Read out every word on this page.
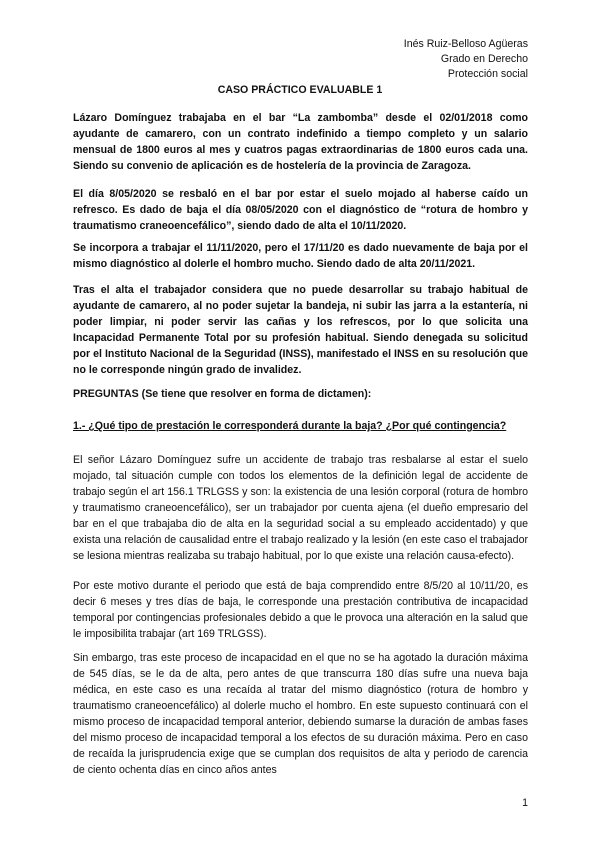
Inés Ruiz-Belloso Agüeras
Grado en Derecho
Protección social
CASO PRÁCTICO EVALUABLE 1

Lázaro Domínguez trabajaba en el bar “La zambomba” desde el 02/01/2018 como ayudante de camarero, con un contrato indefinido a tiempo completo y un salario mensual de 1800 euros al mes y cuatros pagas extraordinarias de 1800 euros cada una. Siendo su convenio de aplicación es de hostelería de la provincia de Zaragoza.

El día 8/05/2020 se resbaló en el bar por estar el suelo mojado al haberse caído un refresco. Es dado de baja el día 08/05/2020 con el diagnóstico de “rotura de hombro y traumatismo craneoencefálico”, siendo dado de alta el 10/11/2020.

Se incorpora a trabajar el 11/11/2020, pero el 17/11/20 es dado nuevamente de baja por el mismo diagnóstico al dolerle el hombro mucho. Siendo dado de alta 20/11/2021.

Tras el alta el trabajador considera que no puede desarrollar su trabajo habitual de ayudante de camarero, al no poder sujetar la bandeja, ni subir las jarra a la estantería, ni poder limpiar, ni poder servir las cañas y los refrescos, por lo que solicita una Incapacidad Permanente Total por su profesión habitual. Siendo denegada su solicitud por el Instituto Nacional de la Seguridad (INSS), manifestado el INSS en su resolución que no le corresponde ningún grado de invalidez.

PREGUNTAS (Se tiene que resolver en forma de dictamen):

1.- ¿Qué tipo de prestación le corresponderá durante la baja? ¿Por qué contingencia?

El señor Lázaro Domínguez sufre un accidente de trabajo tras resbalarse al estar el suelo mojado, tal situación cumple con todos los elementos de la definición legal de accidente de trabajo según el art 156.1 TRLGSS y son: la existencia de una lesión corporal (rotura de hombro y traumatismo craneoencefálico), ser un trabajador por cuenta ajena (el dueño empresario del bar en el que trabajaba dio de alta en la seguridad social a su empleado accidentado) y que exista una relación de causalidad entre el trabajo realizado y la lesión (en este caso el trabajador se lesiona mientras realizaba su trabajo habitual, por lo que existe una relación causa-efecto).

Por este motivo durante el periodo que está de baja comprendido entre 8/5/20 al 10/11/20, es decir 6 meses y tres días de baja, le corresponde una prestación contributiva de incapacidad temporal por contingencias profesionales debido a que le provoca una alteración en la salud que le imposibilita trabajar (art 169 TRLGSS).

Sin embargo, tras este proceso de incapacidad en el que no se ha agotado la duración máxima de 545 días, se le da de alta, pero antes de que transcurra 180 días sufre una nueva baja médica, en este caso es una recaída al tratar del mismo diagnóstico (rotura de hombro y traumatismo craneoencefálico) al dolerle mucho el hombro. En este supuesto continuará con el mismo proceso de incapacidad temporal anterior, debiendo sumarse la duración de ambas fases del mismo proceso de incapacidad temporal a los efectos de su duración máxima. Pero en caso de recaída la jurisprudencia exige que se cumplan dos requisitos de alta y periodo de carencia de ciento ochenta días en cinco años antes

1
